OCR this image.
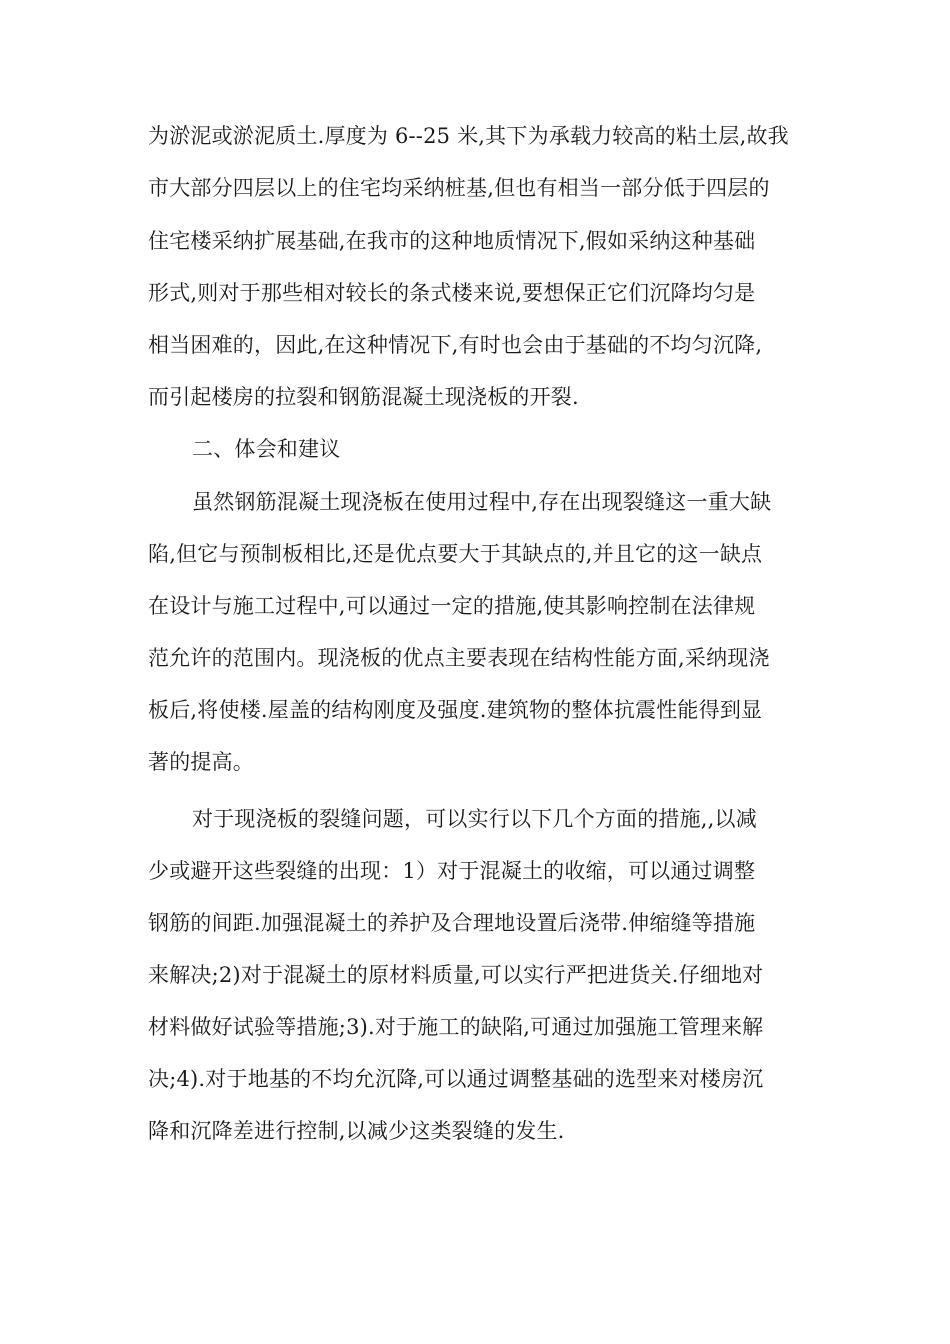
为淤泥或淤泥质土.厚度为 6--25 米,其下为承载力较高的粘土层,故我
市大部分四层以上的住宅均采纳桩基,但也有相当一部分低于四层的
住宅楼采纳扩展基础,在我市的这种地质情况下,假如采纳这种基础
形式,则对于那些相对较长的条式楼来说,要想保正它们沉降均匀是
相当困难的，因此,在这种情况下,有时也会由于基础的不均匀沉降,
而引起楼房的拉裂和钢筋混凝土现浇板的开裂.
二、体会和建议
虽然钢筋混凝土现浇板在使用过程中,存在出现裂缝这一重大缺
陷,但它与预制板相比,还是优点要大于其缺点的,并且它的这一缺点
在设计与施工过程中,可以通过一定的措施,使其影响控制在法律规
范允许的范围内。现浇板的优点主要表现在结构性能方面,采纳现浇
板后,将使楼.屋盖的结构刚度及强度.建筑物的整体抗震性能得到显
著的提高。
对于现浇板的裂缝问题，可以实行以下几个方面的措施,,以减
少或避开这些裂缝的出现：1）对于混凝土的收缩，可以通过调整
钢筋的间距.加强混凝土的养护及合理地设置后浇带.伸缩缝等措施
来解决;2)对于混凝土的原材料质量,可以实行严把进货关.仔细地对
材料做好试验等措施;3).对于施工的缺陷,可通过加强施工管理来解
决;4).对于地基的不均允沉降,可以通过调整基础的选型来对楼房沉
降和沉降差进行控制,以减少这类裂缝的发生.
